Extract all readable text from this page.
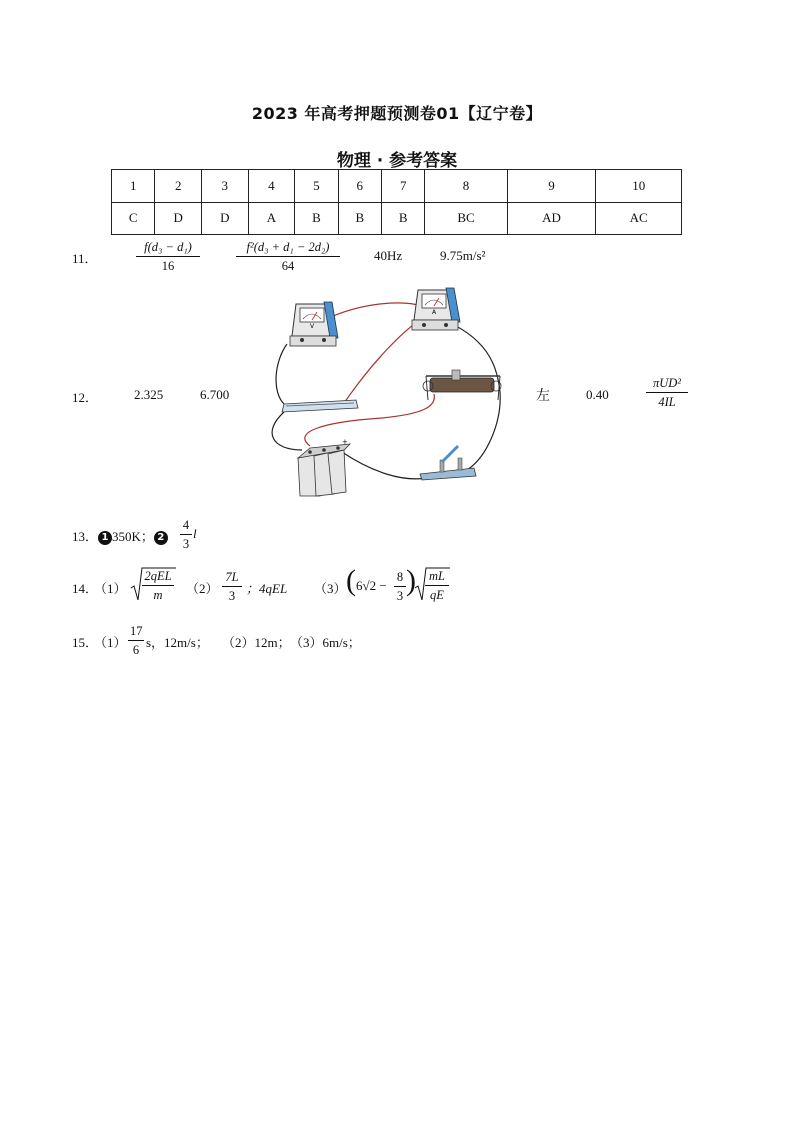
2023 年高考押题预测卷01【辽宁卷】
物理 · 参考答案
1	2	3	4	5	6	7	8	9	10
C	D	D	A	B	B	B	BC	AD	AC
11．	$\frac{\text{f(d₃ − d₁)}}{16}$	$\frac{\text{f²(d₃ + d₁ − 2d₂)}}{64}$	40Hz	9.75m/s²
12．	2.325	6.700	左	0.40
πUD²
4IL
V
A
+
13． 1 350K； $2 \frac{4}{3}$ l
14．
（1）
2qEL
m	$(2) \frac{7L}{3}$ ；4qEL （3） ( $6√2 - \frac{8}{3}$ ) $\frac{mL}{qE}$
15．
$(1) \frac{17}{6}$ s，12m/s； （2）12m； （3）6m/s；
